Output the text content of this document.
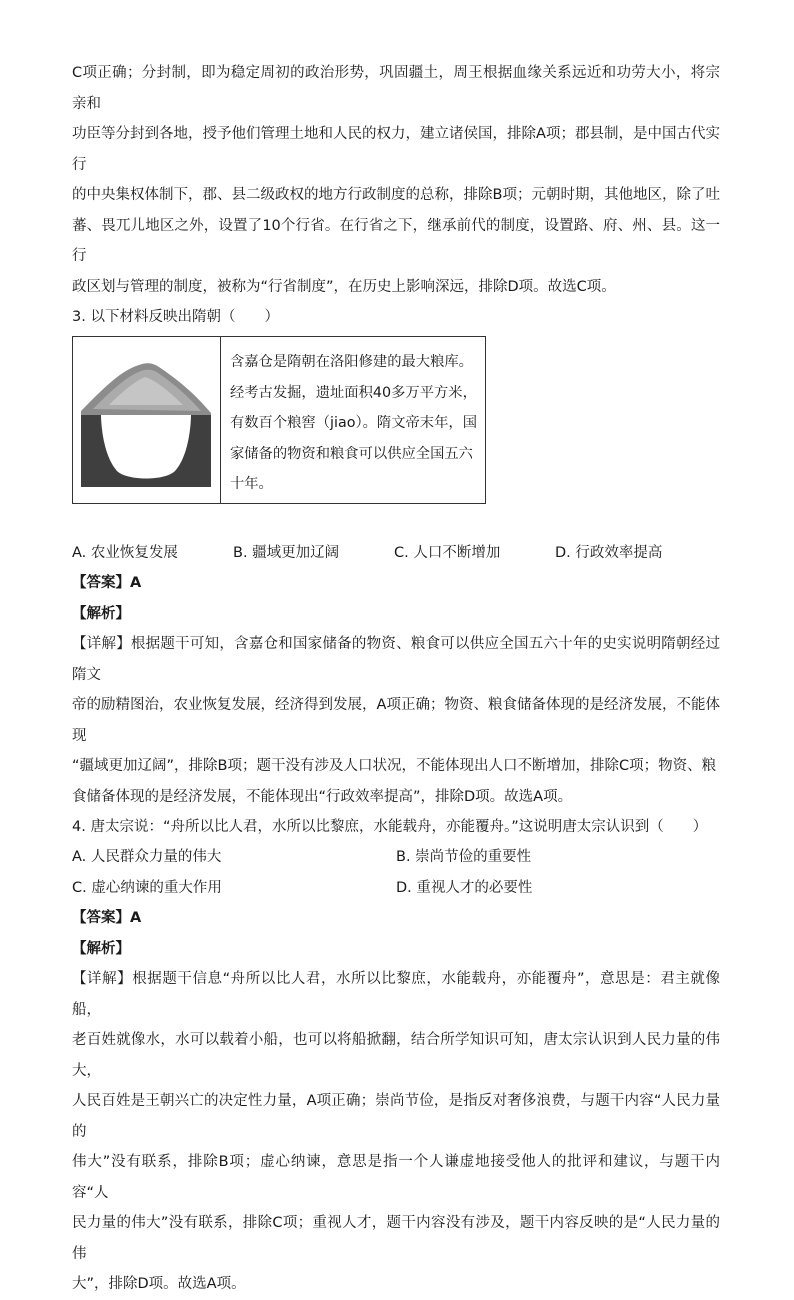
C项正确；分封制，即为稳定周初的政治形势，巩固疆土，周王根据血缘关系远近和功劳大小，将宗亲和

功臣等分封到各地，授予他们管理土地和人民的权力，建立诸侯国，排除A项；郡县制，是中国古代实行

的中央集权体制下，郡、县二级政权的地方行政制度的总称，排除B项；元朝时期，其他地区，除了吐

蕃、畏兀儿地区之外，设置了10个行省。在行省之下，继承前代的制度，设置路、府、州、县。这一行

政区划与管理的制度，被称为“行省制度”，在历史上影响深远，排除D项。故选C项。

3. 以下材料反映出隋朝（　　）

含嘉仓是隋朝在洛阳修建的最大粮库。
经考古发掘，遗址面积40多万平方米，
有数百个粮窖（jiao）。隋文帝末年，国
家储备的物资和粮食可以供应全国五六
十年。
A. 农业恢复发展	B. 疆域更加辽阔	C. 人口不断增加	D. 行政效率提高

【答案】A

【解析】

【详解】根据题干可知，含嘉仓和国家储备的物资、粮食可以供应全国五六十年的史实说明隋朝经过隋文

帝的励精图治，农业恢复发展，经济得到发展，A项正确；物资、粮食储备体现的是经济发展，不能体现

“疆域更加辽阔”，排除B项；题干没有涉及人口状况，不能体现出人口不断增加，排除C项；物资、粮

食储备体现的是经济发展，不能体现出“行政效率提高”，排除D项。故选A项。

4. 唐太宗说：“舟所以比人君，水所以比黎庶，水能载舟，亦能覆舟。”这说明唐太宗认识到（　　）

A. 人民群众力量的伟大	B. 崇尚节俭的重要性
C. 虚心纳谏的重大作用	D. 重视人才的必要性

【答案】A

【解析】

【详解】根据题干信息“舟所以比人君，水所以比黎庶，水能载舟，亦能覆舟”，意思是：君主就像船，

老百姓就像水，水可以载着小船，也可以将船掀翻，结合所学知识可知，唐太宗认识到人民力量的伟大，

人民百姓是王朝兴亡的决定性力量，A项正确；崇尚节俭，是指反对奢侈浪费，与题干内容“人民力量的

伟大”没有联系，排除B项；虚心纳谏，意思是指一个人谦虚地接受他人的批评和建议，与题干内容“人

民力量的伟大”没有联系，排除C项；重视人才，题干内容没有涉及，题干内容反映的是“人民力量的伟

大”，排除D项。故选A项。
